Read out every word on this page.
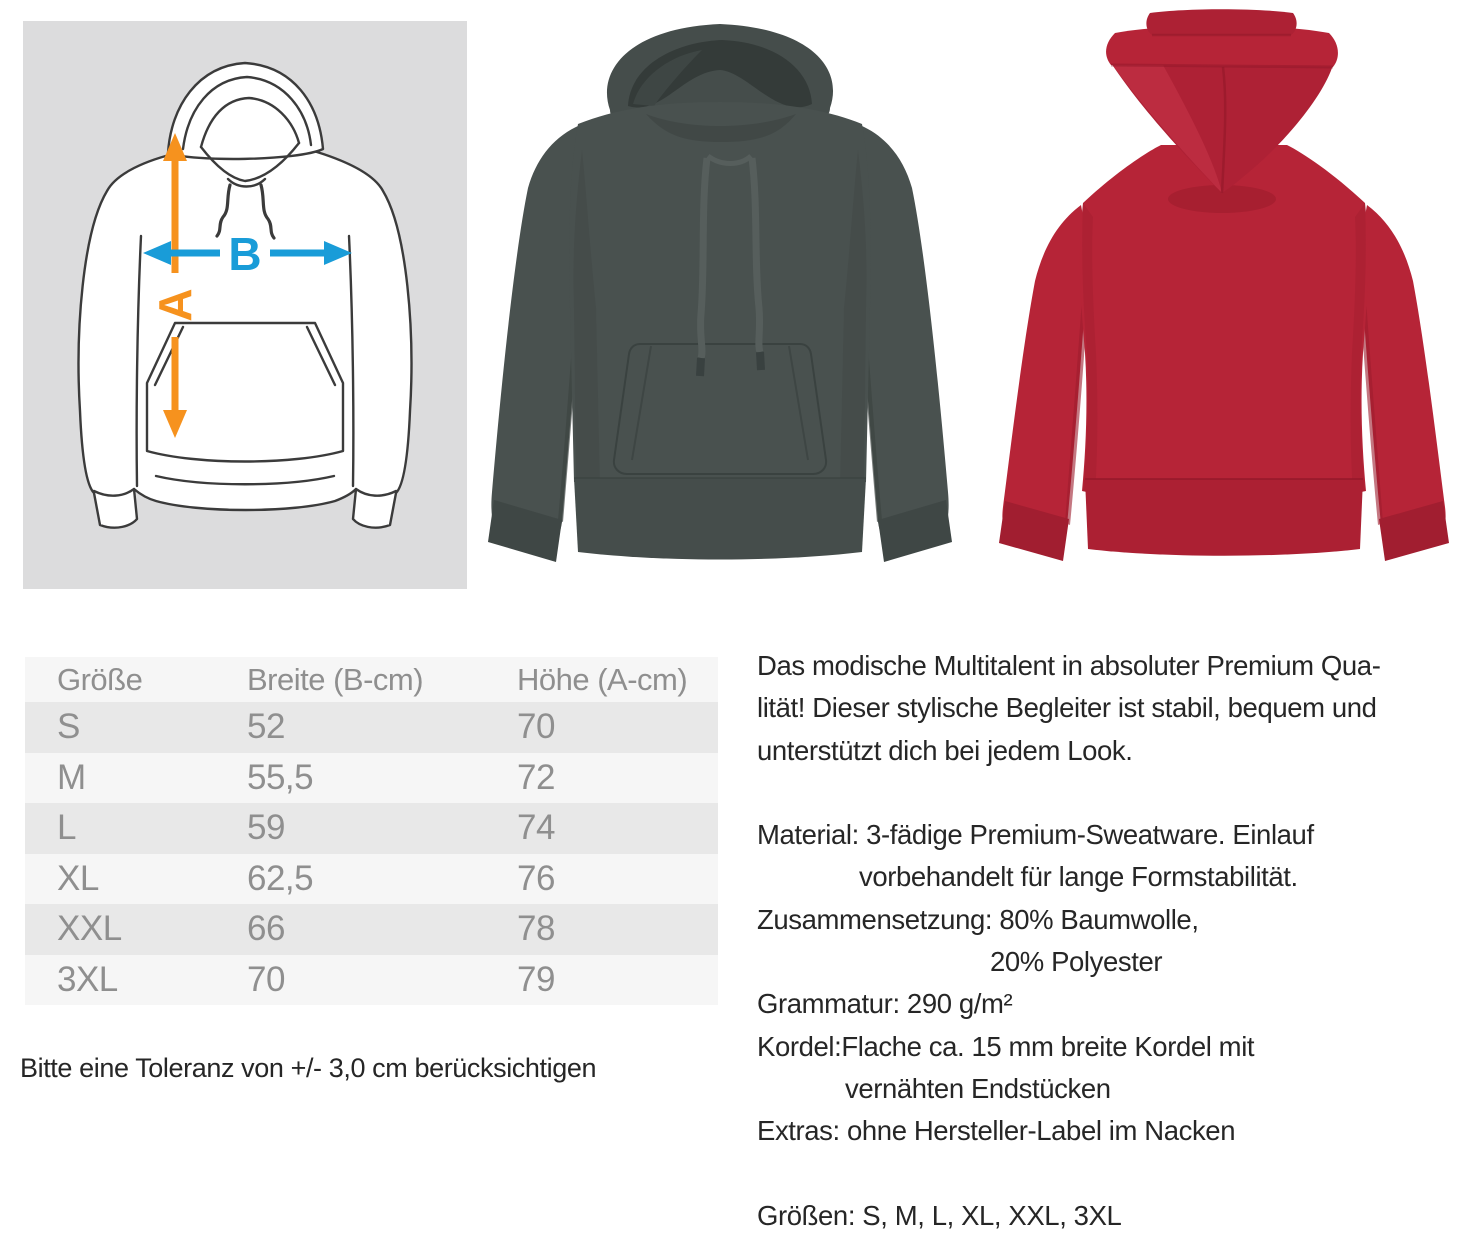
A
B
Größe	Breite (B-cm)	Höhe (A-cm)
S	52	70
M	55,5	72
L	59	74
XL	62,5	76
XXL	66	78
3XL	70	79

Bitte eine Toleranz von +/- 3,0 cm berücksichtigen

Das modische Multitalent in absoluter Premium Qua-
lität! Dieser stylische Begleiter ist stabil, bequem und
unterstützt dich bei jedem Look.
Material: 3-fädige Premium-Sweatware. Einlauf
vorbehandelt für lange Formstabilität.
Zusammensetzung: 80% Baumwolle,
20% Polyester
Grammatur: 290 g/m²
Kordel:Flache ca. 15 mm breite Kordel mit
vernähten Endstücken
Extras: ohne Hersteller-Label im Nacken
Größen: S, M, L, XL, XXL, 3XL
